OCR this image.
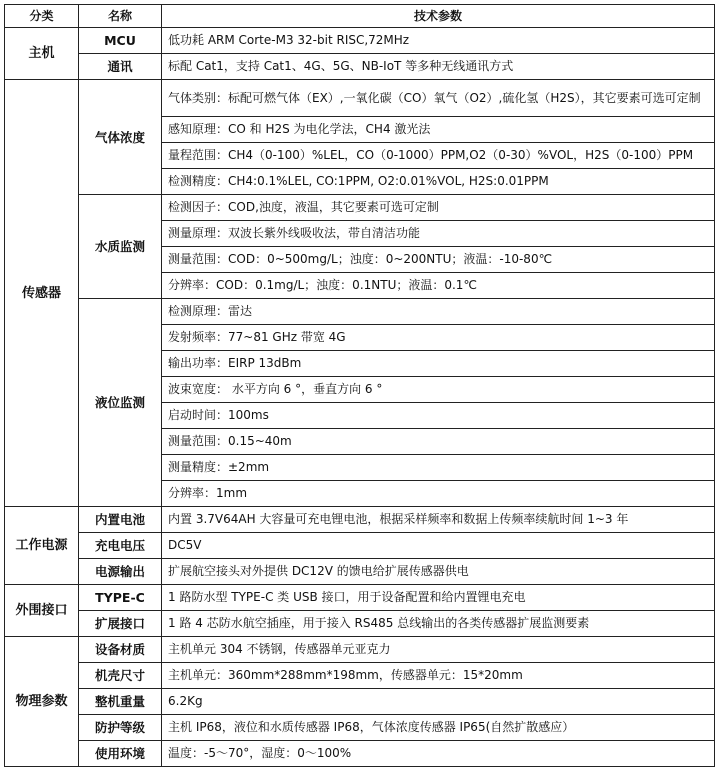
分类	名称	技术参数
主机	MCU	低功耗 ARM Corte-M3 32-bit RISC,72MHz
	通讯	标配 Cat1，支持 Cat1、4G、5G、NB-IoT 等多种无线通讯方式
传感器	气体浓度	气体类别：标配可燃气体（EX）,一氧化碳（CO）氧气（O2）,硫化氢（H2S），其它要素可选可定制
		感知原理：CO 和 H2S 为电化学法，CH4 激光法
		量程范围：CH4（0-100）%LEL，CO（0-1000）PPM,O2（0-30）%VOL，H2S（0-100）PPM
		检测精度：CH4:0.1%LEL, CO:1PPM, O2:0.01%VOL, H2S:0.01PPM
	水质监测	检测因子：COD,浊度，液温，其它要素可选可定制
		测量原理：双波长紫外线吸收法，带自清洁功能
		测量范围：COD：0~500mg/L；浊度：0~200NTU；液温：-10-80℃
		分辨率：COD：0.1mg/L；浊度：0.1NTU；液温：0.1℃
	液位监测	检测原理：雷达
		发射频率：77~81 GHz 带宽 4G
		输出功率：EIRP 13dBm
		波束宽度： 水平方向 6 °，垂直方向 6 °
		启动时间：100ms
		测量范围：0.15~40m
		测量精度：±2mm
		分辨率：1mm
工作电源	内置电池	内置 3.7V64AH 大容量可充电锂电池，根据采样频率和数据上传频率续航时间 1~3 年
	充电电压	DC5V
	电源输出	扩展航空接头对外提供 DC12V 的馈电给扩展传感器供电
外围接口	TYPE-C	1 路防水型 TYPE-C 类 USB 接口，用于设备配置和给内置锂电充电
	扩展接口	1 路 4 芯防水航空插座，用于接入 RS485 总线输出的各类传感器扩展监测要素
物理参数	设备材质	主机单元 304 不锈钢，传感器单元亚克力
	机壳尺寸	主机单元：360mm*288mm*198mm，传感器单元：15*20mm
	整机重量	6.2Kg
	防护等级	主机 IP68，液位和水质传感器 IP68，气体浓度传感器 IP65(自然扩散感应）
	使用环境	温度：-5～70°，湿度：0～100%
